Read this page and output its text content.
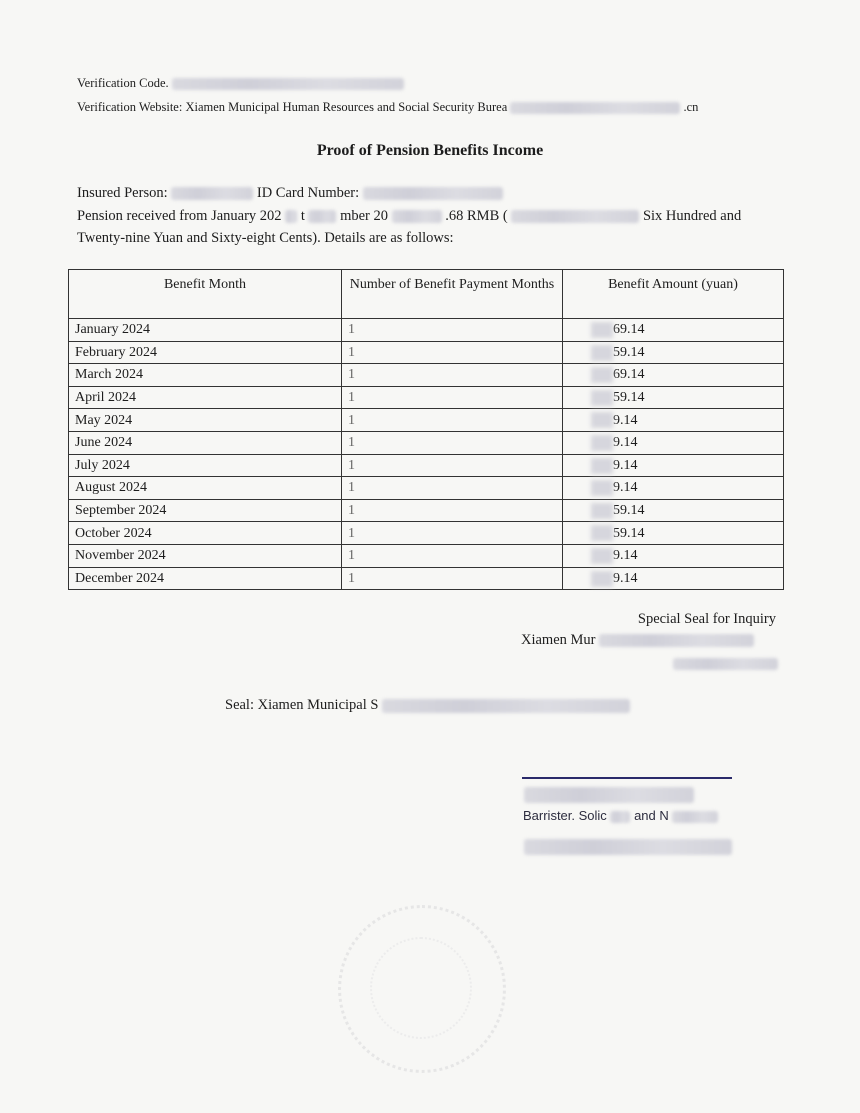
Verification Code.
Verification Website: Xiamen Municipal Human Resources and Social Security Burea	.cn
Proof of Pension Benefits Income
Insured Person:	ID Card Number:
Pension received from January 202 t mber 20	.68 RMB (	Six Hundred and
Twenty-nine Yuan and Sixty-eight Cents). Details are as follows:
Benefit Month	Number of Benefit Payment Months	Benefit Amount (yuan)
January 2024	1	69.14
February 2024	1	59.14
March 2024	1	69.14
April 2024	1	59.14
May 2024	1	9.14
June 2024	1	9.14
July 2024	1	9.14
August 2024	1	9.14
September 2024	1	59.14
October 2024	1	59.14
November 2024	1	9.14
December 2024	1	9.14
Special Seal for Inquiry
Xiamen Mur
Seal: Xiamen Municipal S
Barrister. Solic and N
